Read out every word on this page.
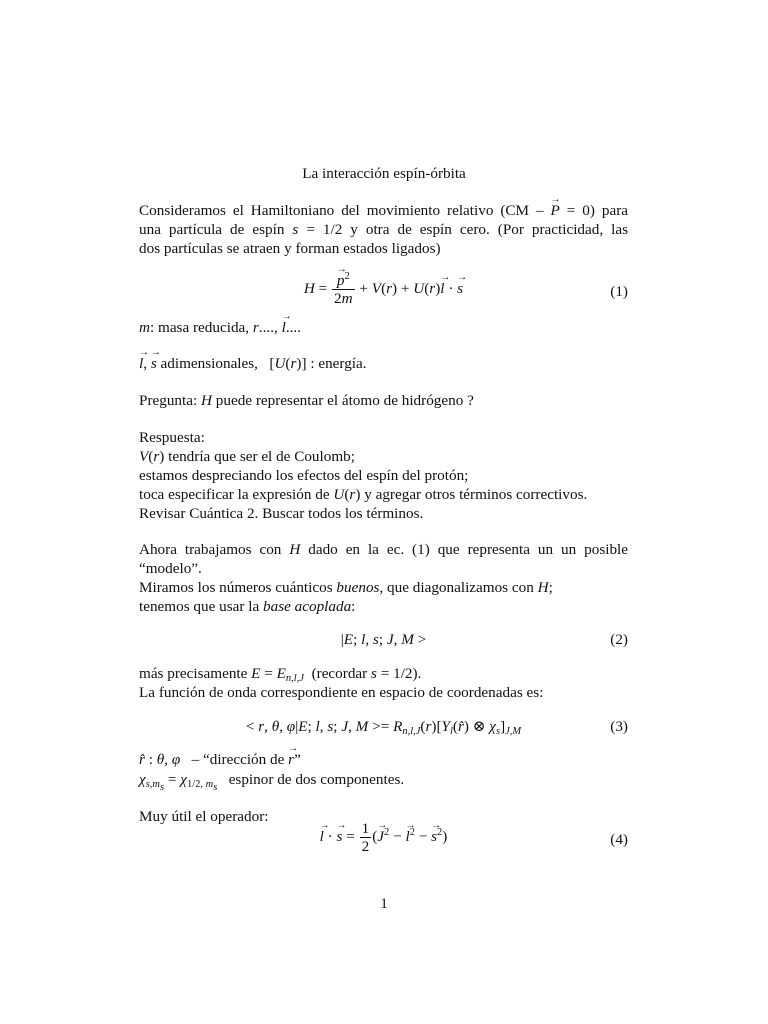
La interacción espín-órbita
Consideramos el Hamiltoniano del movimiento relativo (CM – P → = 0) para
una partícula de espín s = 1/2 y otra de espín cero. (Por practicidad, las
dos partículas se atraen y forman estados ligados)
$H = \frac{p \to^2}{2m} + V(r) + U(r)l$ → · s →	(1)
m: masa reducida, r...., l →....
l →, s → adimensionales,   [U(r)] : energía.
Pregunta: H puede representar el átomo de hidrógeno ?
Respuesta:
V(r) tendría que ser el de Coulomb;
estamos despreciando los efectos del espín del protón;
toca especificar la expresión de U(r) y agregar otros términos correctivos.
Revisar Cuántica 2. Buscar todos los términos.
Ahora trabajamos con H dado en la ec. (1) que representa un un posible
“modelo”.
Miramos los números cuánticos buenos, que diagonalizamos con H;
tenemos que usar la base acoplada:
|E; l, s; J, M >	(2)
más precisamente $E = E_{n,l,J}$ (recordar s = 1/2).
La función de onda correspondiente en espacio de coordenadas es:
< r, θ, φ|E; l, s; J, $M >= R_{n,l,J}(r)[Y_l(r̂)$ ⊗ $\chi_s]_{J,M}$	(3)
r̂ : θ, φ – “dirección de r →”
$\chi_{s,m_s} = \chi_{1/2, m_s}$ espinor de dos componentes.
Muy útil el operador:
l → · s → = $\frac{1}{2} (J \to^2 - l \to^2 - s \to^2)$	(4)
1
